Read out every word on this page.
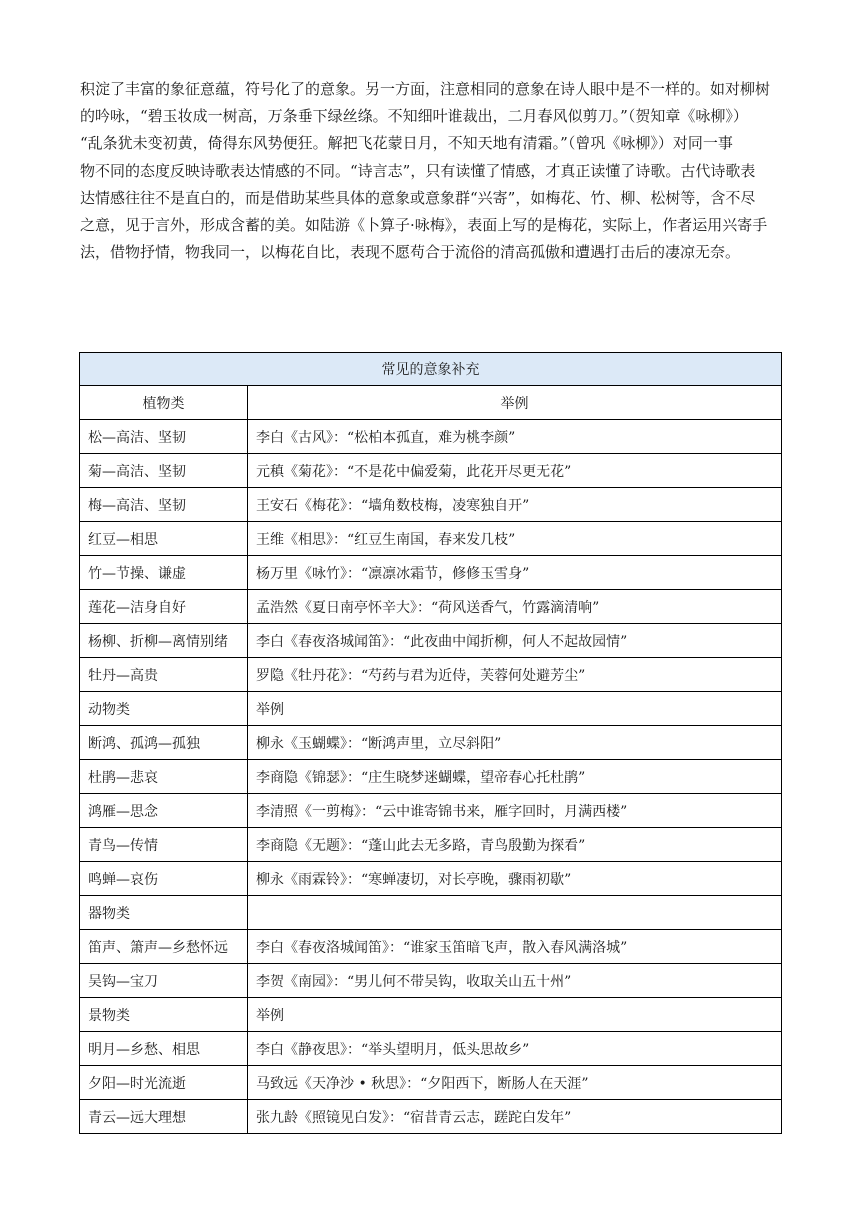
积淀了丰富的象征意蕴，符号化了的意象。另一方面，注意相同的意象在诗人眼中是不一样的。如对柳树
的吟咏，“碧玉妆成一树高，万条垂下绿丝绦。不知细叶谁裁出，二月春风似剪刀。”（贺知章《咏柳》）
“乱条犹未变初黄，倚得东风势便狂。解把飞花蒙日月，不知天地有清霜。”（曾巩《咏柳》）对同一事
物不同的态度反映诗歌表达情感的不同。“诗言志”，只有读懂了情感，才真正读懂了诗歌。古代诗歌表
达情感往往不是直白的，而是借助某些具体的意象或意象群“兴寄”，如梅花、竹、柳、松树等，含不尽
之意，见于言外，形成含蓄的美。如陆游《卜算子·咏梅》，表面上写的是梅花，实际上，作者运用兴寄手
法，借物抒情，物我同一，以梅花自比，表现不愿苟合于流俗的清高孤傲和遭遇打击后的凄凉无奈。

常见的意象补充	
植物类	举例
松—高洁、坚韧	李白《古风》：“松柏本孤直，难为桃李颜”
菊—高洁、坚韧	元稹《菊花》：“不是花中偏爱菊，此花开尽更无花”
梅—高洁、坚韧	王安石《梅花》：“墙角数枝梅，凌寒独自开”
红豆—相思	王维《相思》：“红豆生南国，春来发几枝”
竹—节操、谦虚	杨万里《咏竹》：“凛凛冰霜节，修修玉雪身”
莲花—洁身自好	孟浩然《夏日南亭怀辛大》：“荷风送香气，竹露滴清响”
杨柳、折柳—离情别绪	李白《春夜洛城闻笛》：“此夜曲中闻折柳，何人不起故园情”
牡丹—高贵	罗隐《牡丹花》：“芍药与君为近侍，芙蓉何处避芳尘”
动物类	举例
断鸿、孤鸿—孤独	柳永《玉蝴蝶》：“断鸿声里，立尽斜阳”
杜鹃—悲哀	李商隐《锦瑟》：“庄生晓梦迷蝴蝶，望帝春心托杜鹃”
鸿雁—思念	李清照《一剪梅》：“云中谁寄锦书来，雁字回时，月满西楼”
青鸟—传情	李商隐《无题》：“蓬山此去无多路，青鸟殷勤为探看”
鸣蝉—哀伤	柳永《雨霖铃》：“寒蝉凄切，对长亭晚，骤雨初歇”
器物类	
笛声、箫声—乡愁怀远	李白《春夜洛城闻笛》：“谁家玉笛暗飞声，散入春风满洛城”
吴钩—宝刀	李贺《南园》：“男儿何不带吴钩，收取关山五十州”
景物类	举例
明月—乡愁、相思	李白《静夜思》：“举头望明月，低头思故乡”
夕阳—时光流逝	马致远《天净沙 • 秋思》：“夕阳西下，断肠人在天涯”
青云—远大理想	张九龄《照镜见白发》：“宿昔青云志，蹉跎白发年”
